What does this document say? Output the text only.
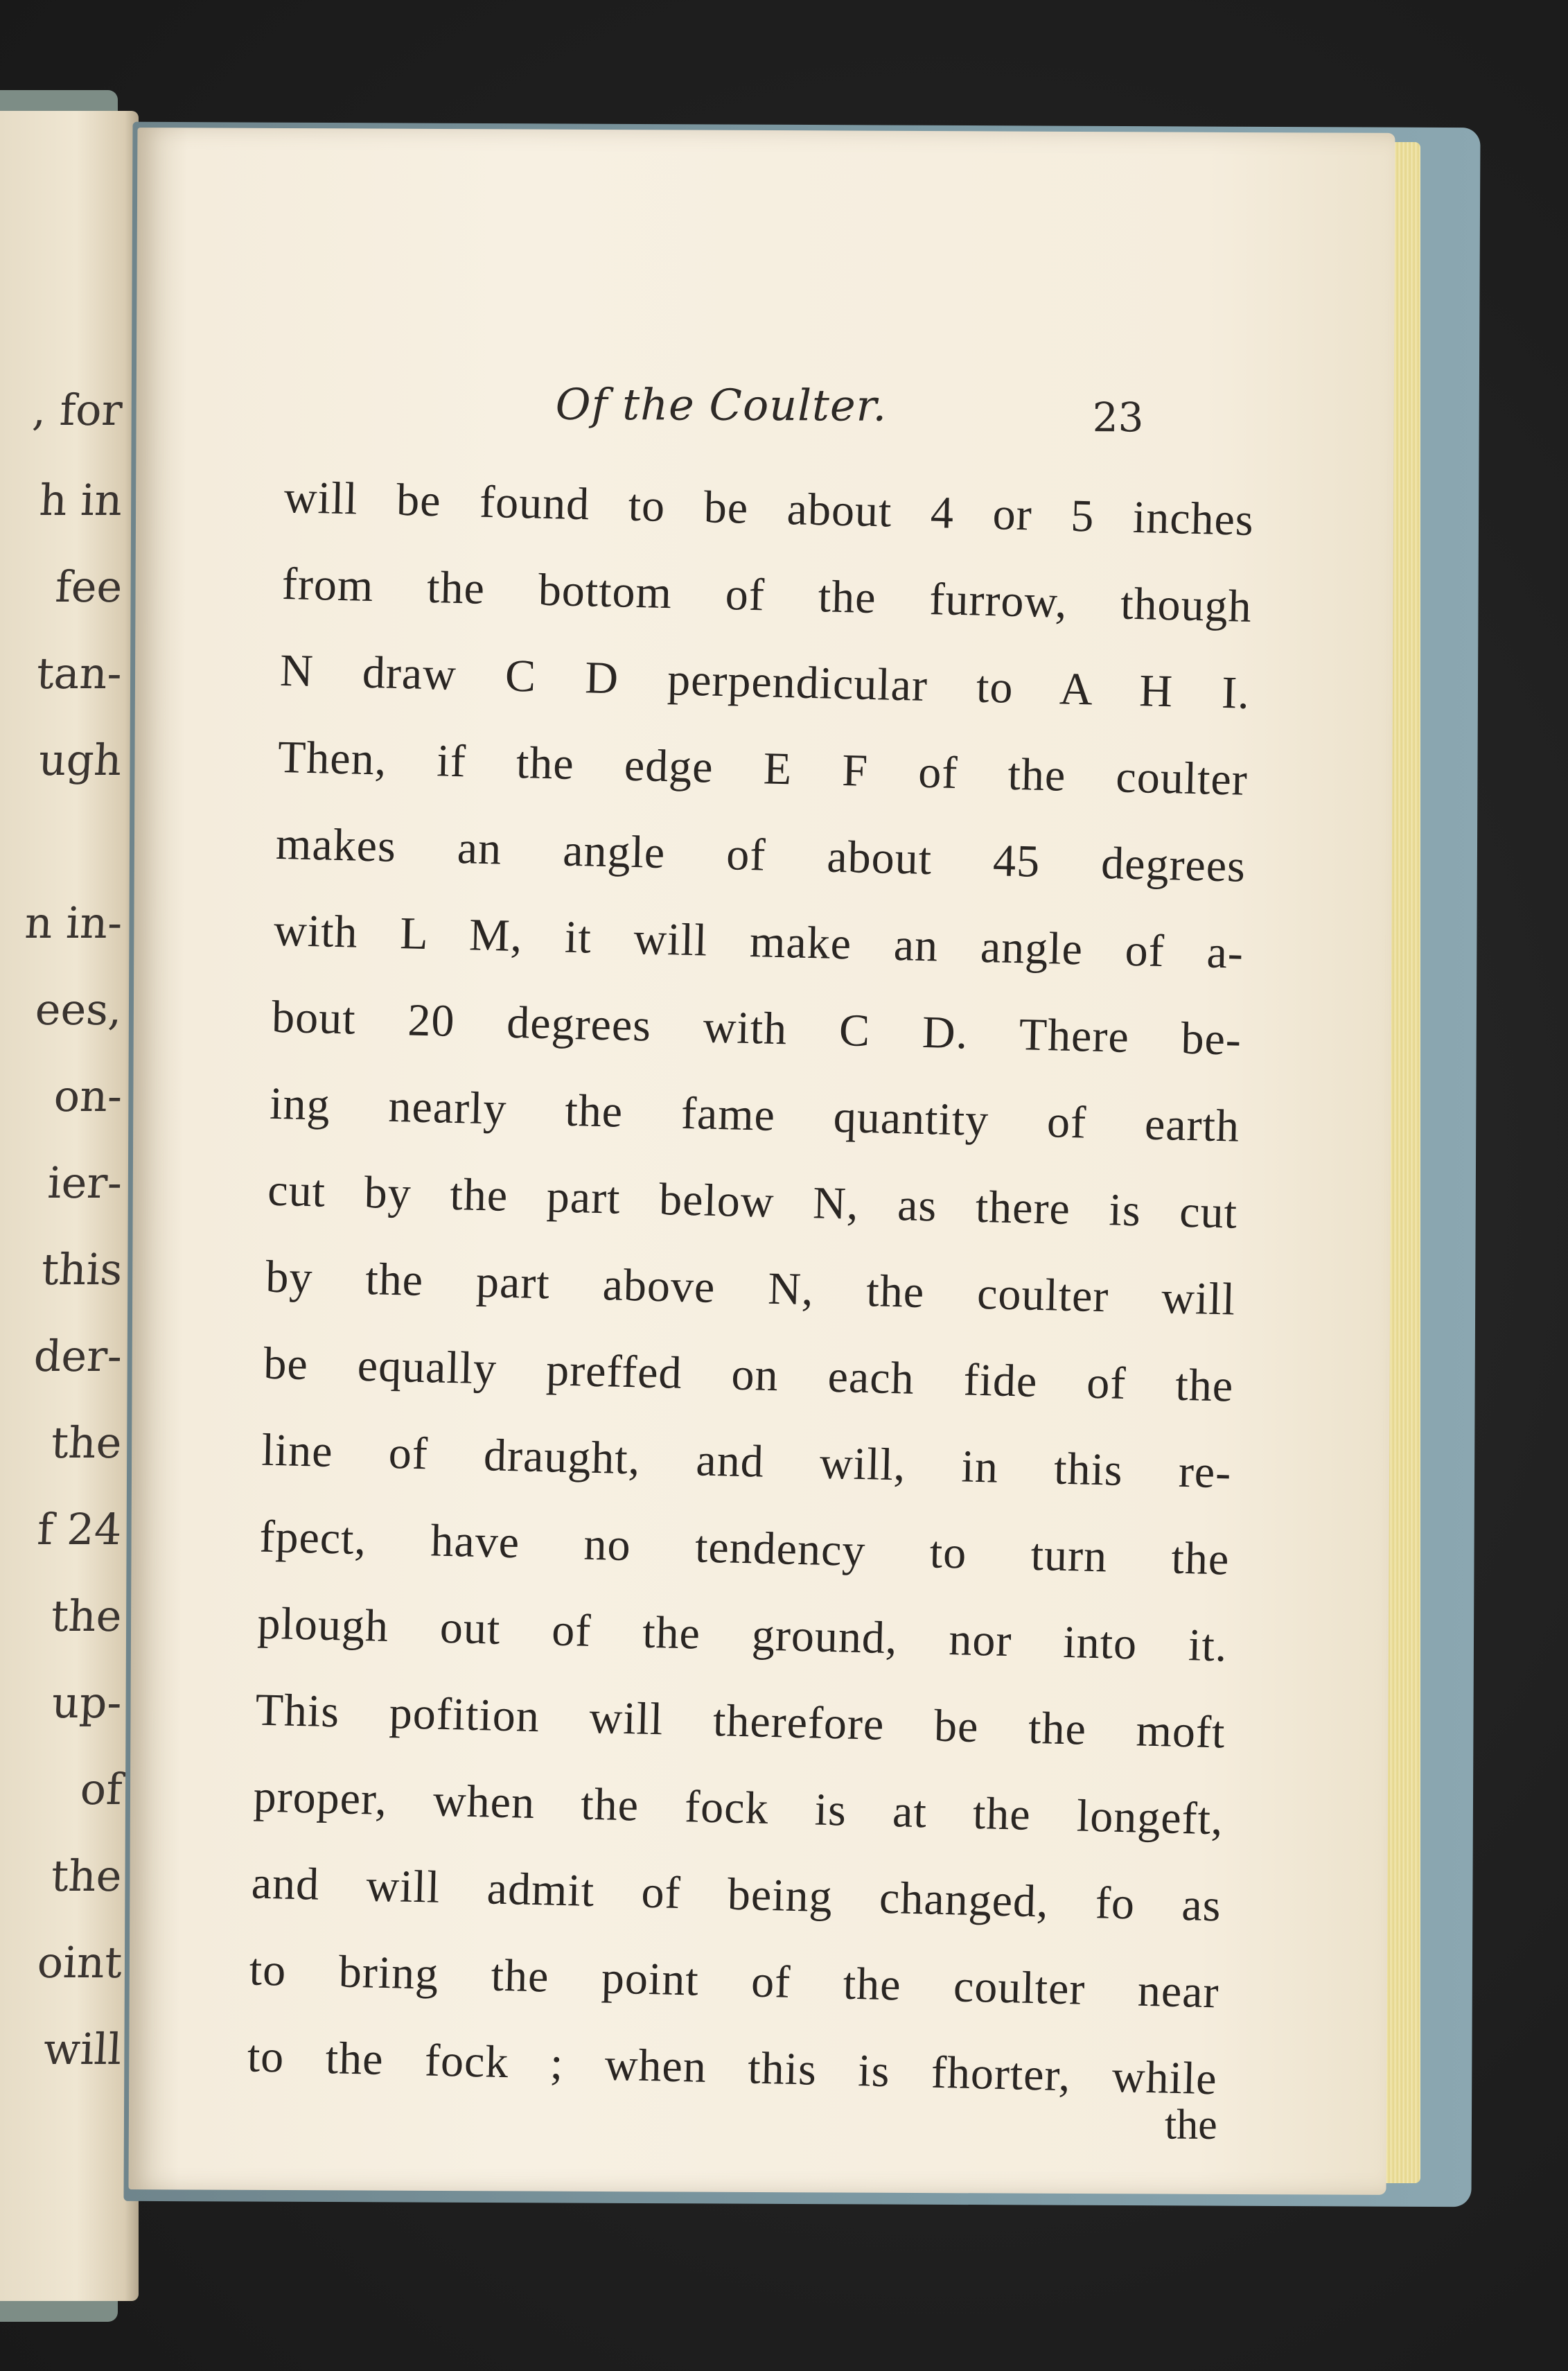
, for
h in
fee
tan-
ugh
n in-
ees,
on-
ier-
this
der-
the
f 24
the
up-
of
the
oint
will
Of the Coulter.	23
will be found to be about 4 or 5 inches
from the bottom of the furrow, though
N draw C D perpendicular to A H I.
Then, if the edge E F of the coulter
makes an angle of about 45 degrees
with L M, it will make an angle of a-
bout 20 degrees with C D. There be-
ing nearly the fame quantity of earth
cut by the part below N, as there is cut
by the part above N, the coulter will
be equally preffed on each fide of the
line of draught, and will, in this re-
fpect, have no tendency to turn the
plough out of the ground, nor into it.
This pofition will therefore be the moft
proper, when the fock is at the longeft,
and will admit of being changed, fo as
to bring the point of the coulter near
to the fock ; when this is fhorter, while
the
